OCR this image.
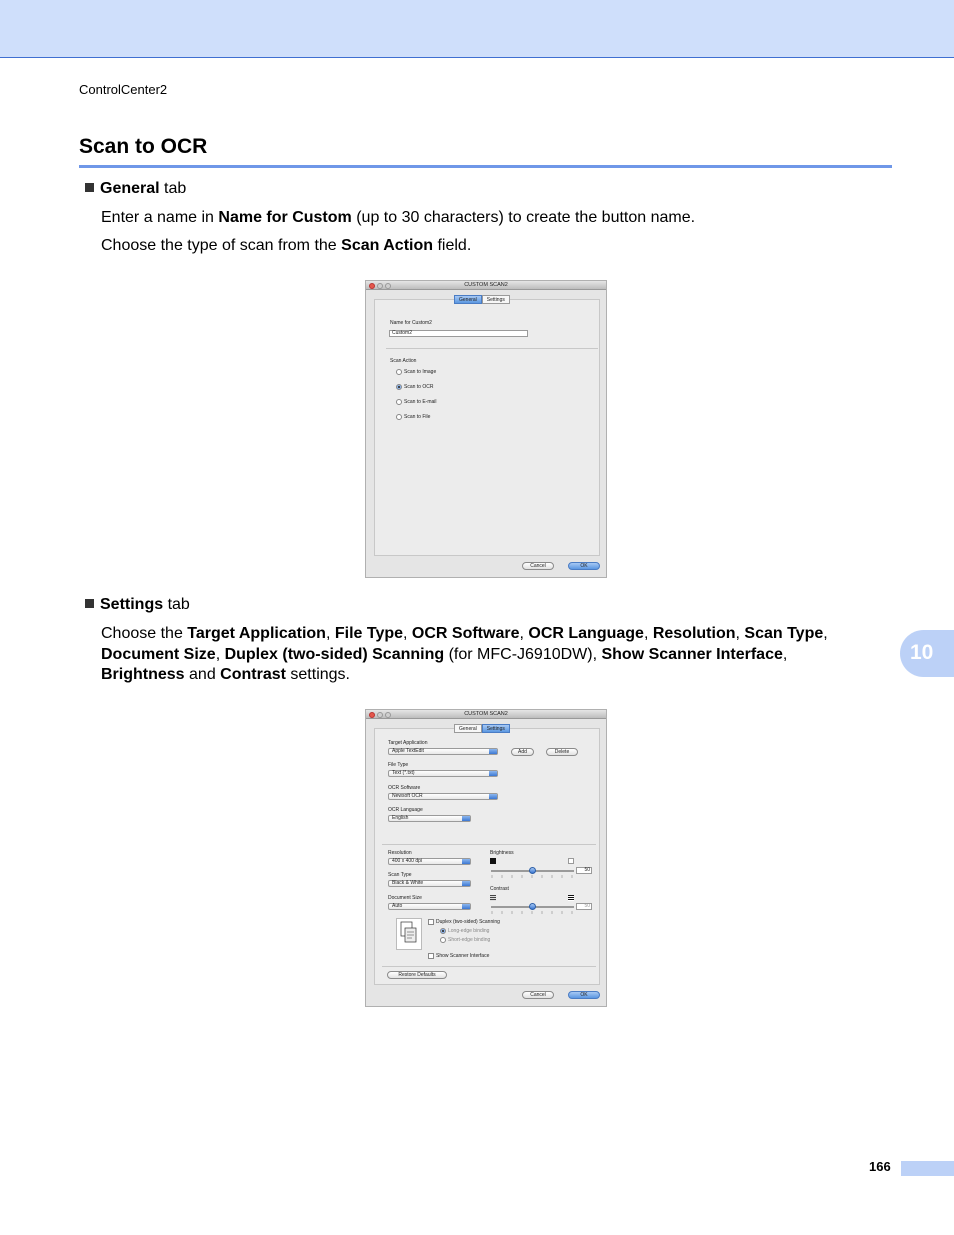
ControlCenter2
Scan to OCR
General tab
Enter a name in Name for Custom (up to 30 characters) to create the button name.
Choose the type of scan from the Scan Action field.
CUSTOM SCAN2
General	Settings
Name for Custom2
Custom2
Scan Action
Scan to Image
Scan to OCR
Scan to E-mail
Scan to File
Cancel	OK
Settings tab
Choose the Target Application, File Type, OCR Software, OCR Language, Resolution, Scan Type,
Document Size, Duplex (two-sided) Scanning (for MFC-J6910DW), Show Scanner Interface,
Brightness and Contrast settings.
CUSTOM SCAN2
General	Settings
Target Application
Apple TextEdit	Add	Delete
File Type
Text (*.txt)
OCR Software
Newsoft OCR
OCR Language
English
Resolution
400 x 400 dpi
Scan Type
Black & White
Document Size
Auto
Brightness
50
Contrast
50
Duplex (two-sided) Scanning
Long-edge binding
Short-edge binding
Show Scanner Interface
Restore Defaults
Cancel	OK
10
166
